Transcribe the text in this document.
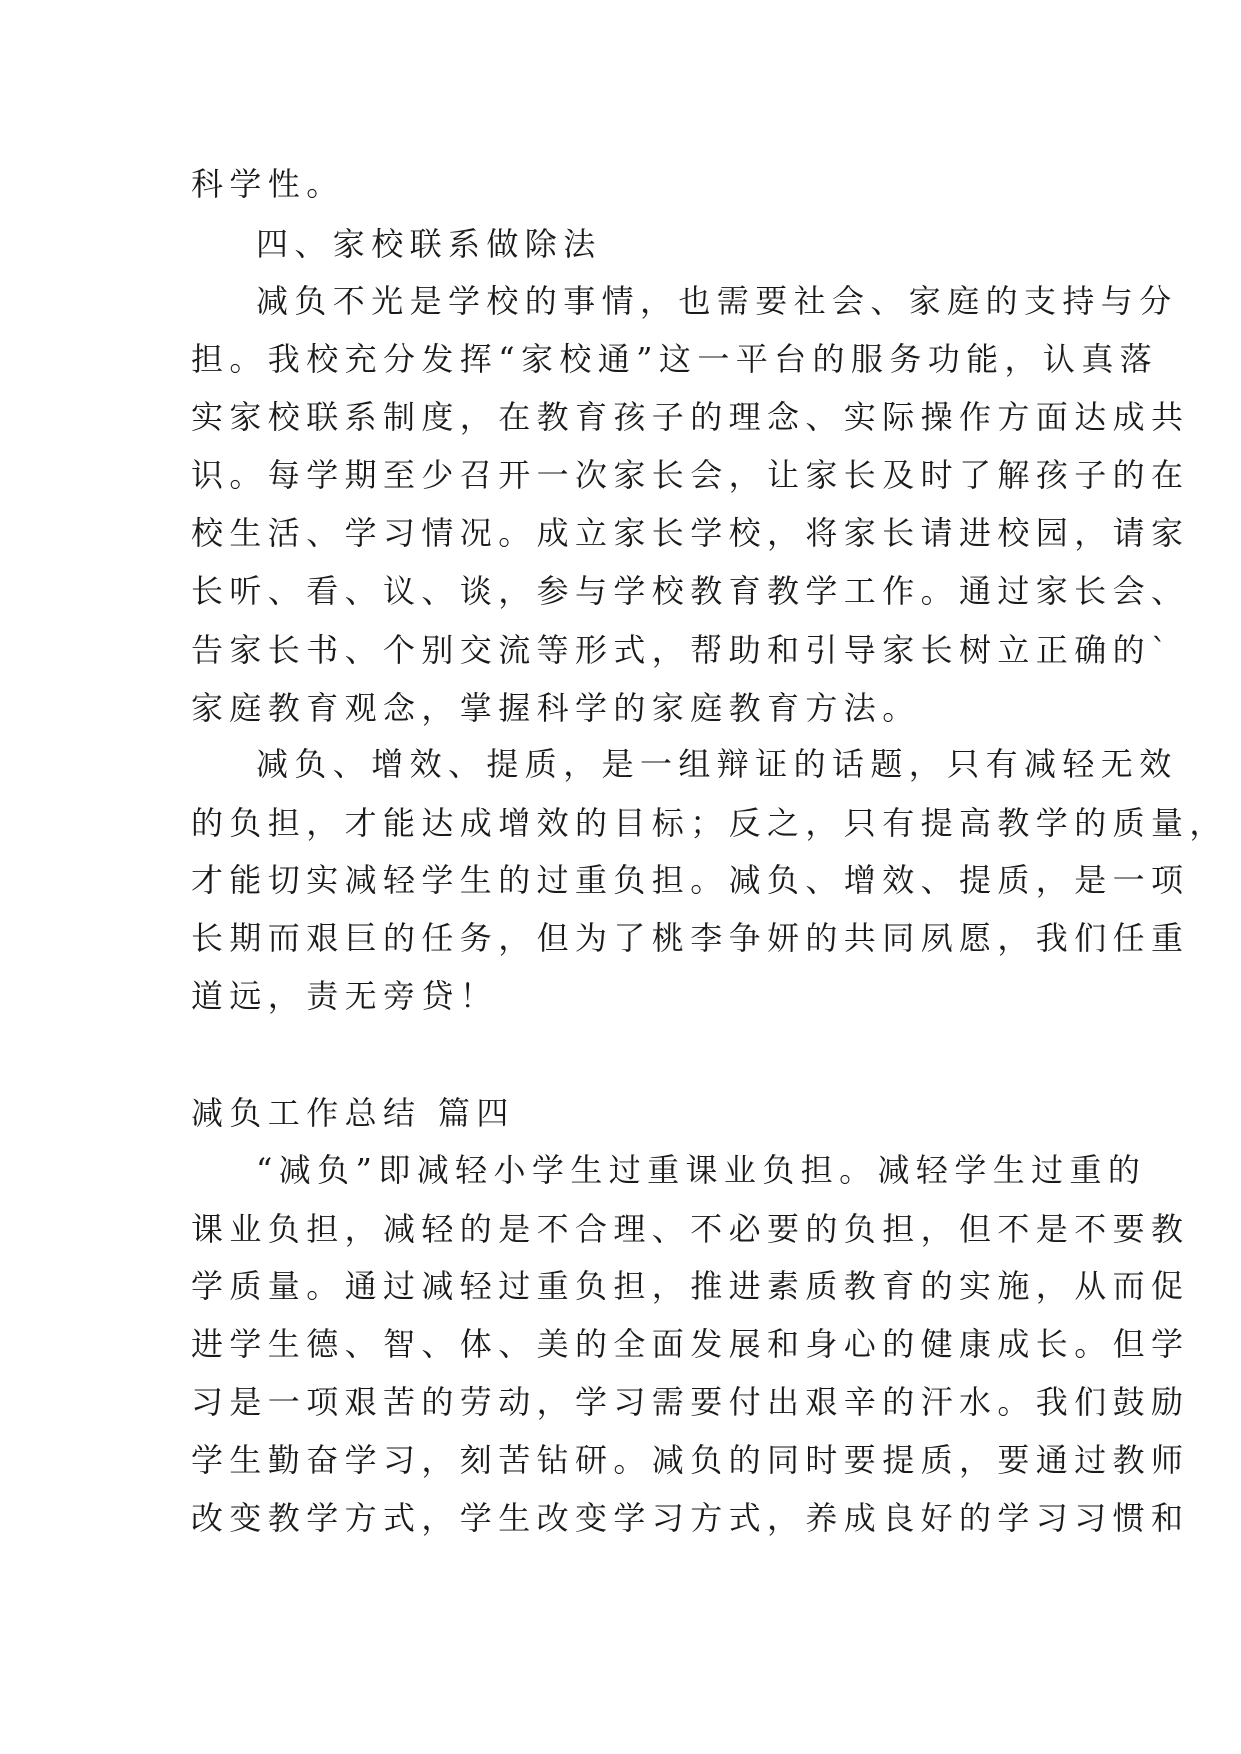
科学性。
四、家校联系做除法
减负不光是学校的事情，也需要社会、家庭的支持与分
担。我校充分发挥“家校通”这一平台的服务功能，认真落
实家校联系制度，在教育孩子的理念、实际操作方面达成共
识。每学期至少召开一次家长会，让家长及时了解孩子的在
校生活、学习情况。成立家长学校，将家长请进校园，请家
长听、看、议、谈，参与学校教育教学工作。通过家长会、
告家长书、个别交流等形式，帮助和引导家长树立正确的`
家庭教育观念，掌握科学的家庭教育方法。
减负、增效、提质，是一组辩证的话题，只有减轻无效
的负担，才能达成增效的目标；反之，只有提高教学的质量，
才能切实减轻学生的过重负担。减负、增效、提质，是一项
长期而艰巨的任务，但为了桃李争妍的共同夙愿，我们任重
道远，责无旁贷！
减负工作总结 篇四
“减负”即减轻小学生过重课业负担。减轻学生过重的
课业负担，减轻的是不合理、不必要的负担，但不是不要教
学质量。通过减轻过重负担，推进素质教育的实施，从而促
进学生德、智、体、美的全面发展和身心的健康成长。但学
习是一项艰苦的劳动，学习需要付出艰辛的汗水。我们鼓励
学生勤奋学习，刻苦钻研。减负的同时要提质，要通过教师
改变教学方式，学生改变学习方式，养成良好的学习习惯和
